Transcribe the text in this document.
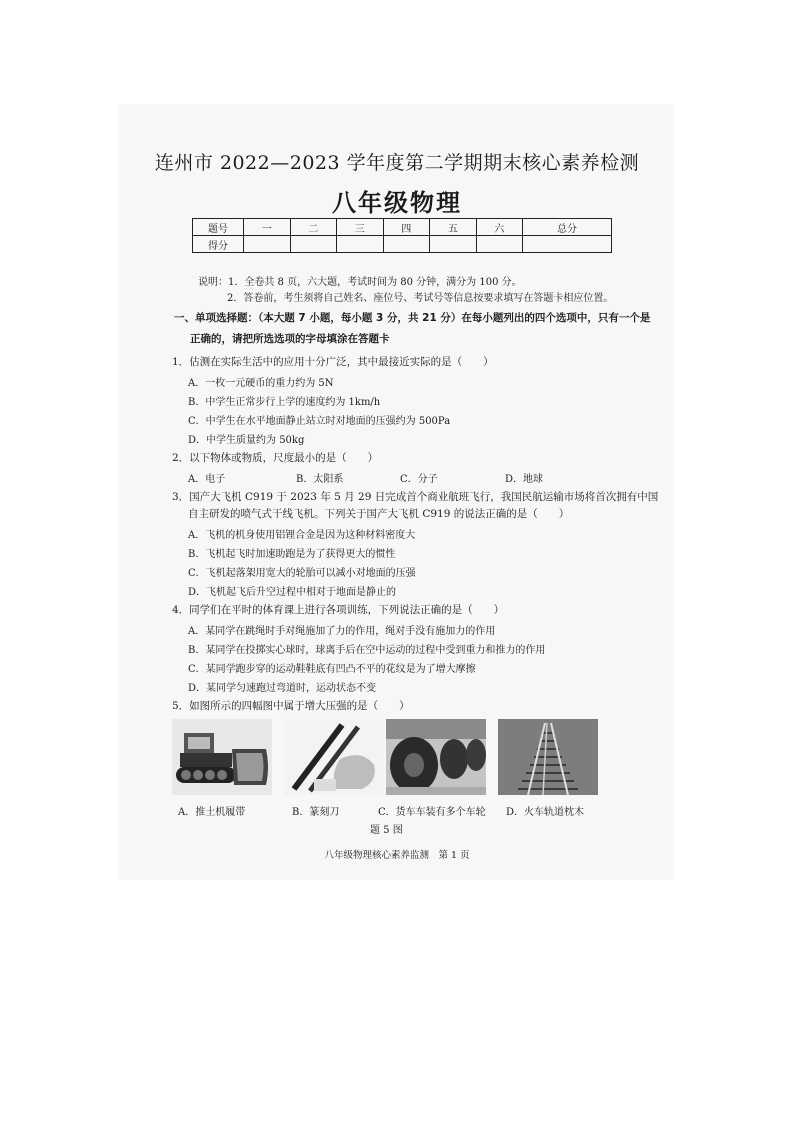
连州市 2022—2023 学年度第二学期期末核心素养检测
八年级物理
题号	一	二	三	四	五	六	总分
得分							
说明：1．全卷共 8 页，六大题，考试时间为 80 分钟，满分为 100 分。
2．答卷前，考生须将自己姓名、座位号、考试号等信息按要求填写在答题卡相应位置。
一、单项选择题：（本大题 7 小题，每小题 3 分，共 21 分）在每小题列出的四个选项中，只有一个是
正确的，请把所选选项的字母填涂在答题卡
1．估测在实际生活中的应用十分广泛，其中最接近实际的是（　　）
A．一枚一元硬币的重力约为 5N
B．中学生正常步行上学的速度约为 1km/h
C．中学生在水平地面静止站立时对地面的压强约为 500Pa
D．中学生质量约为 50kg
2．以下物体或物质，尺度最小的是（　　）
A．电子	B．太阳系	C．分子	D．地球
3．国产大飞机 C919 于 2023 年 5 月 29 日完成首个商业航班飞行，我国民航运输市场将首次拥有中国
自主研发的喷气式干线飞机。下列关于国产大飞机 C919 的说法正确的是（　　）
A．飞机的机身使用铝锂合金是因为这种材料密度大
B．飞机起飞时加速助跑是为了获得更大的惯性
C．飞机起落架用宽大的轮胎可以减小对地面的压强
D．飞机起飞后升空过程中相对于地面是静止的
4．同学们在平时的体育课上进行各项训练，下列说法正确的是（　　）
A．某同学在跳绳时手对绳施加了力的作用，绳对手没有施加力的作用
B．某同学在投掷实心球时，球离手后在空中运动的过程中受到重力和推力的作用
C．某同学跑步穿的运动鞋鞋底有凹凸不平的花纹是为了增大摩擦
D．某同学匀速跑过弯道时，运动状态不变
5．如图所示的四幅图中属于增大压强的是（　　）
A．推土机履带	B．篆刻刀	C．货车车装有多个车轮 D．火车轨道枕木
题 5 图
八年级物理核心素养监测　第 1 页
